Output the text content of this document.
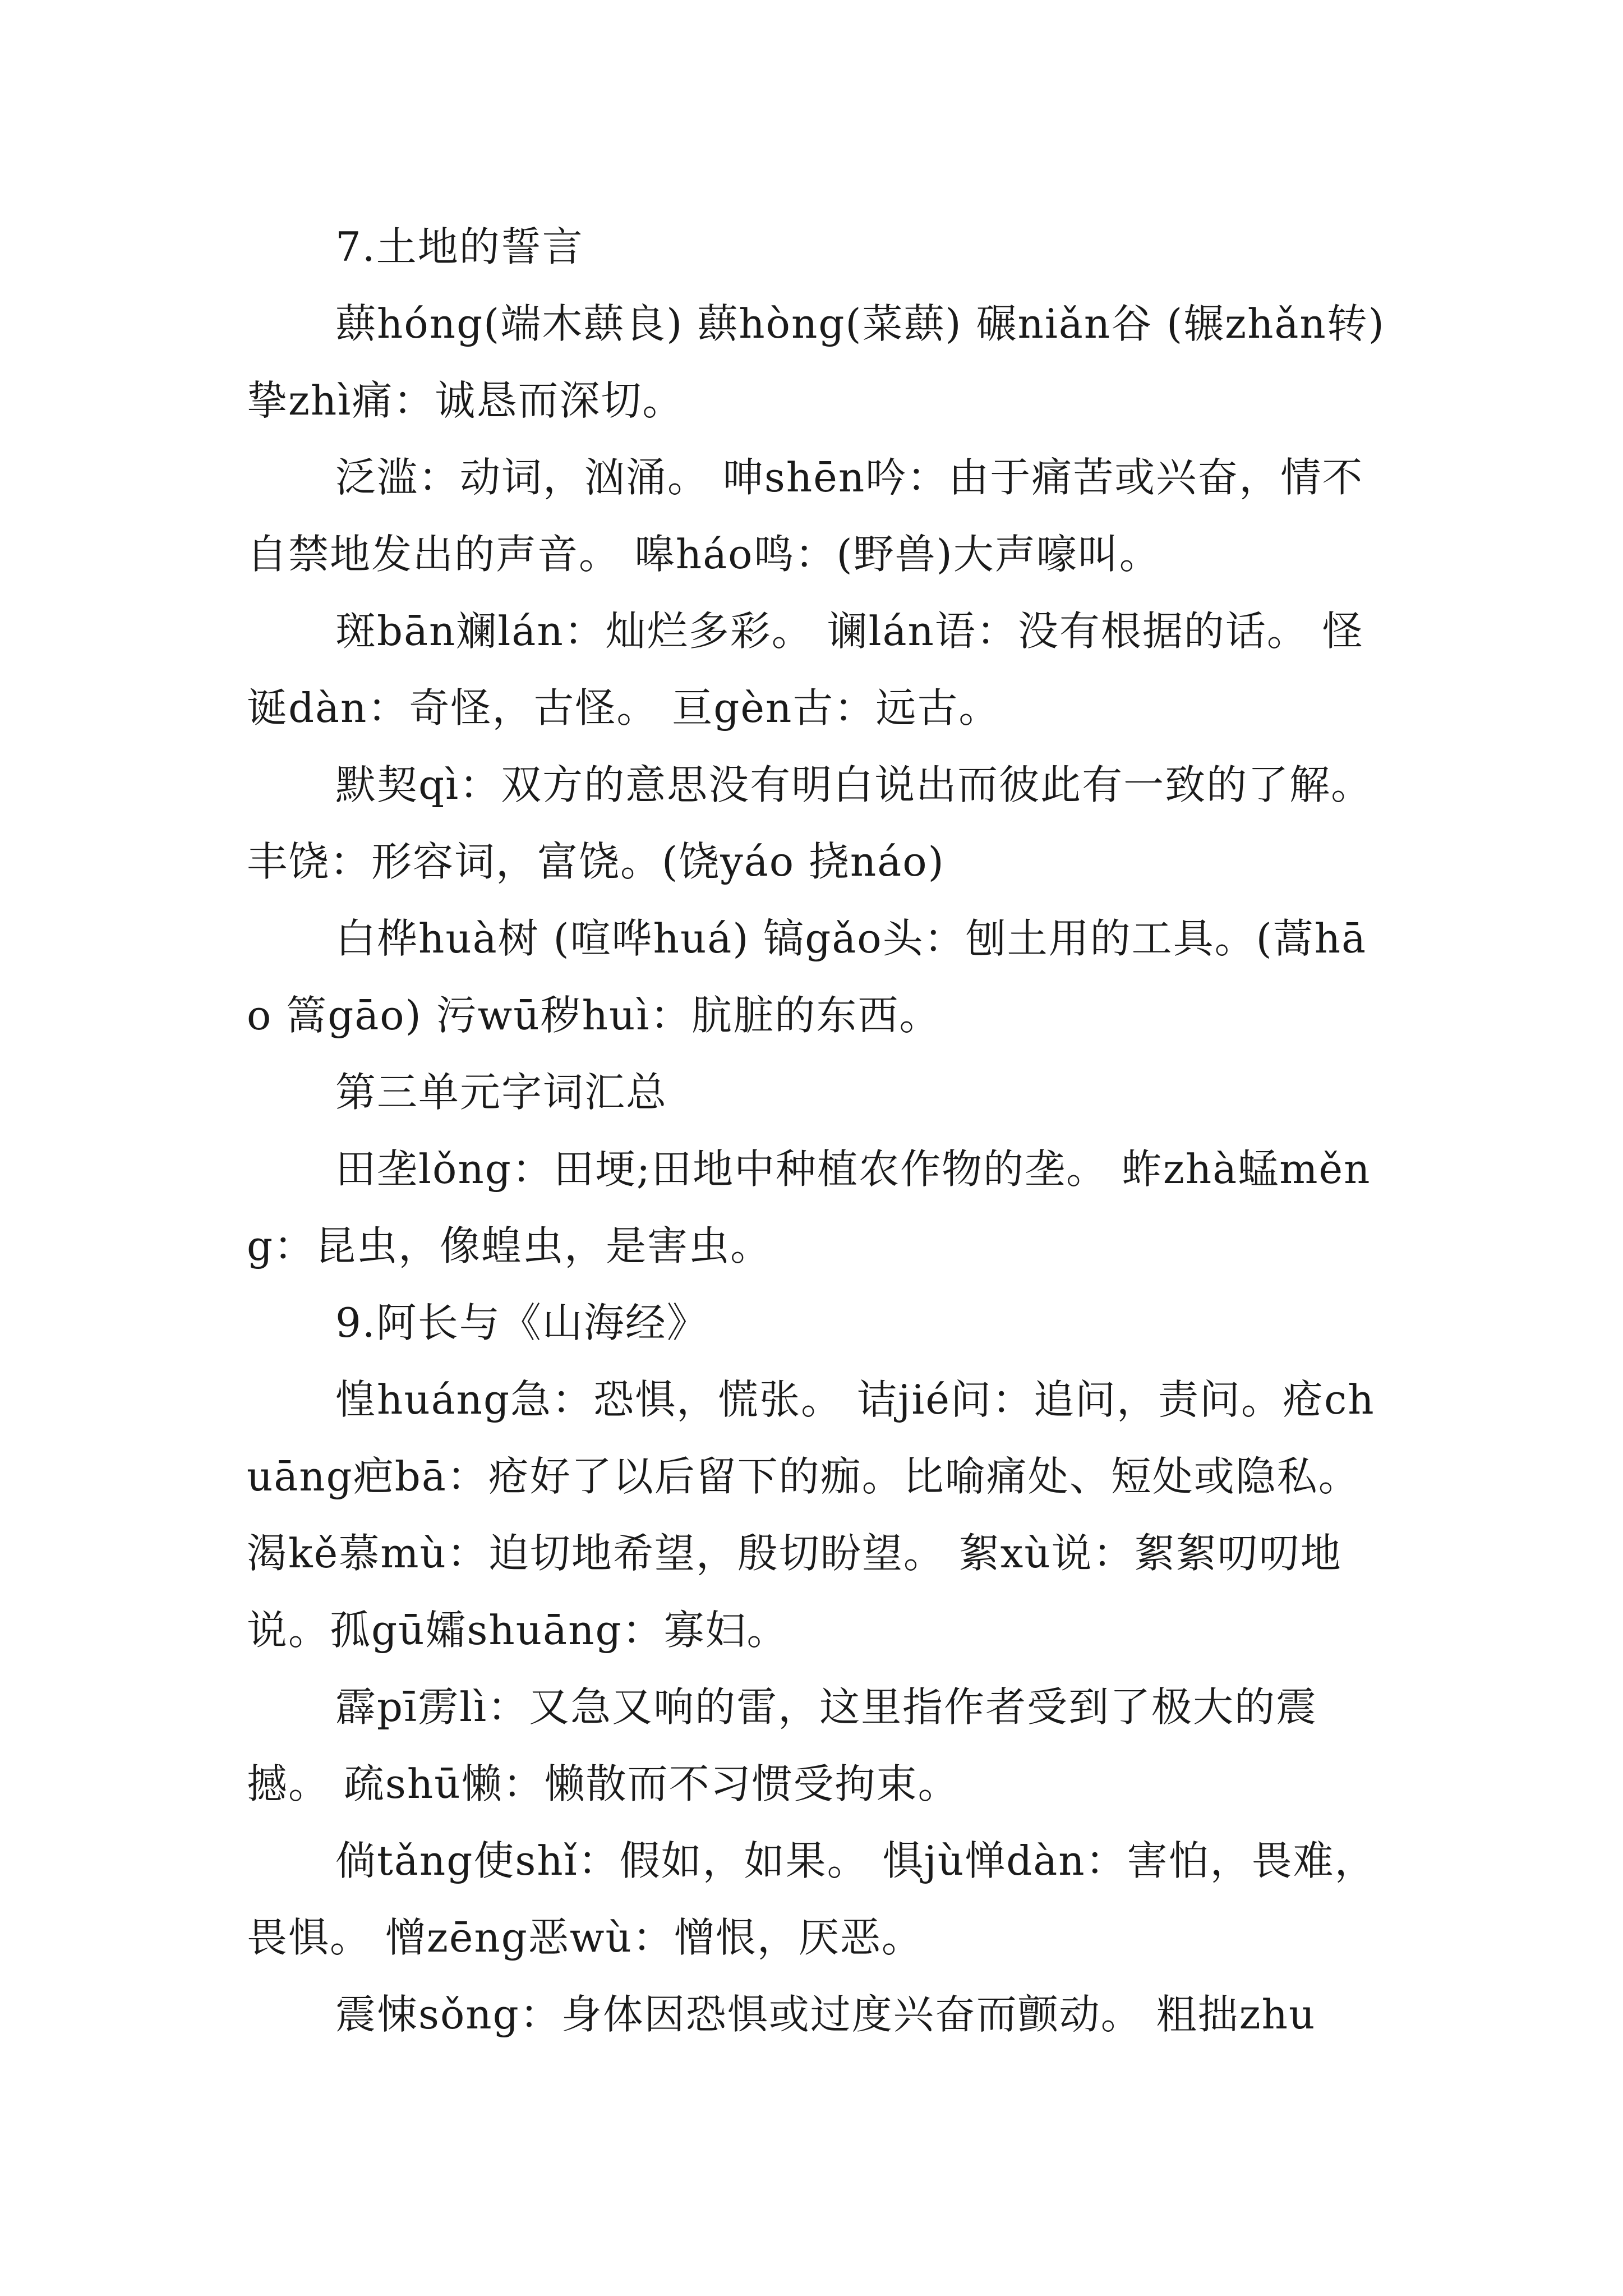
7.土地的誓言

蕻hóng(端木蕻良) 蕻hòng(菜蕻) 碾niǎn谷 (辗zhǎn转) 挚zhì痛：诚恳而深切。

泛滥：动词，汹涌。 呻shēn吟：由于痛苦或兴奋，情不自禁地发出的声音。 嗥háo鸣：(野兽)大声嚎叫。

斑bān斓lán：灿烂多彩。 谰lán语：没有根据的话。 怪诞dàn：奇怪，古怪。 亘gèn古：远古。

默契qì：双方的意思没有明白说出而彼此有一致的了解。 丰饶：形容词，富饶。(饶yáo 挠náo)

白桦huà树 (喧哗huá) 镐gǎo头：刨土用的工具。(蒿hāo 篙gāo) 污wū秽huì：肮脏的东西。

第三单元字词汇总

田垄lǒng：田埂;田地中种植农作物的垄。 蚱zhà蜢měng：昆虫，像蝗虫，是害虫。

9.阿长与《山海经》

惶huáng急：恐惧，慌张。 诘jié问：追问，责问。疮chuāng疤bā：疮好了以后留下的痂。比喻痛处、短处或隐私。 渴kě慕mù：迫切地希望，殷切盼望。 絮xù说：絮絮叨叨地说。孤gū孀shuāng：寡妇。

霹pī雳lì：又急又响的雷，这里指作者受到了极大的震撼。 疏shū懒：懒散而不习惯受拘束。

倘tǎng使shǐ：假如，如果。 惧jù惮dàn：害怕，畏难，畏惧。 憎zēng恶wù：憎恨，厌恶。

震悚sǒng：身体因恐惧或过度兴奋而颤动。 粗拙zhu
